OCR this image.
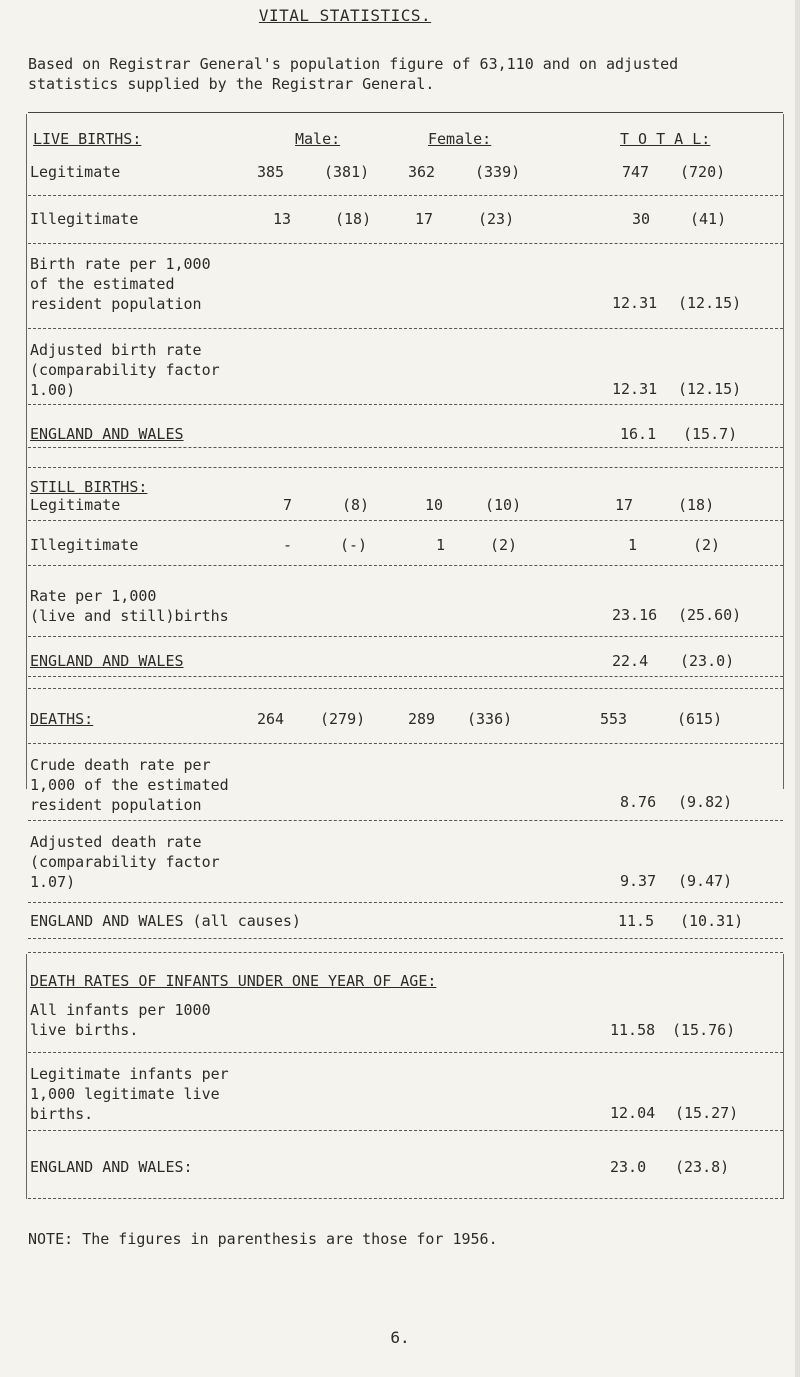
VITAL STATISTICS.
Based on Registrar General's population figure of 63,110 and on adjusted statistics supplied by the Registrar General.
LIVE BIRTHS:	Male:	Female:	T O T A L:
Legitimate	385	(381)	362	(339)	747 (720)
Illegitimate	13	(18)	17	(23)	30	(41)
Birth rate per 1,000
of the estimated
resident population	12.31 (12.15)
Adjusted birth rate
(comparability factor
1.00)	12.31 (12.15)
ENGLAND AND WALES	16.1 (15.7)
STILL BIRTHS:
Legitimate	7	(8)	10	(10)	17	(18)
Illegitimate	-	(-)	1	(2)	1	(2)
Rate per 1,000
(live and still)births	23.16 (25.60)
ENGLAND AND WALES	22.4 (23.0)
DEATHS:	264 (279)	289 (336)	553	(615)
Crude death rate per
1,000 of the estimated
resident population	8.76 (9.82)
Adjusted death rate
(comparability factor
1.07)	9.37 (9.47)
ENGLAND AND WALES (all causes)	11.5 (10.31)
DEATH RATES OF INFANTS UNDER ONE YEAR OF AGE:
All infants per 1000
live births.	11.58 (15.76)
Legitimate infants per
1,000 legitimate live
births.	12.04 (15.27)
ENGLAND AND WALES:	23.0 (23.8)
NOTE: The figures in parenthesis are those for 1956.
6.
